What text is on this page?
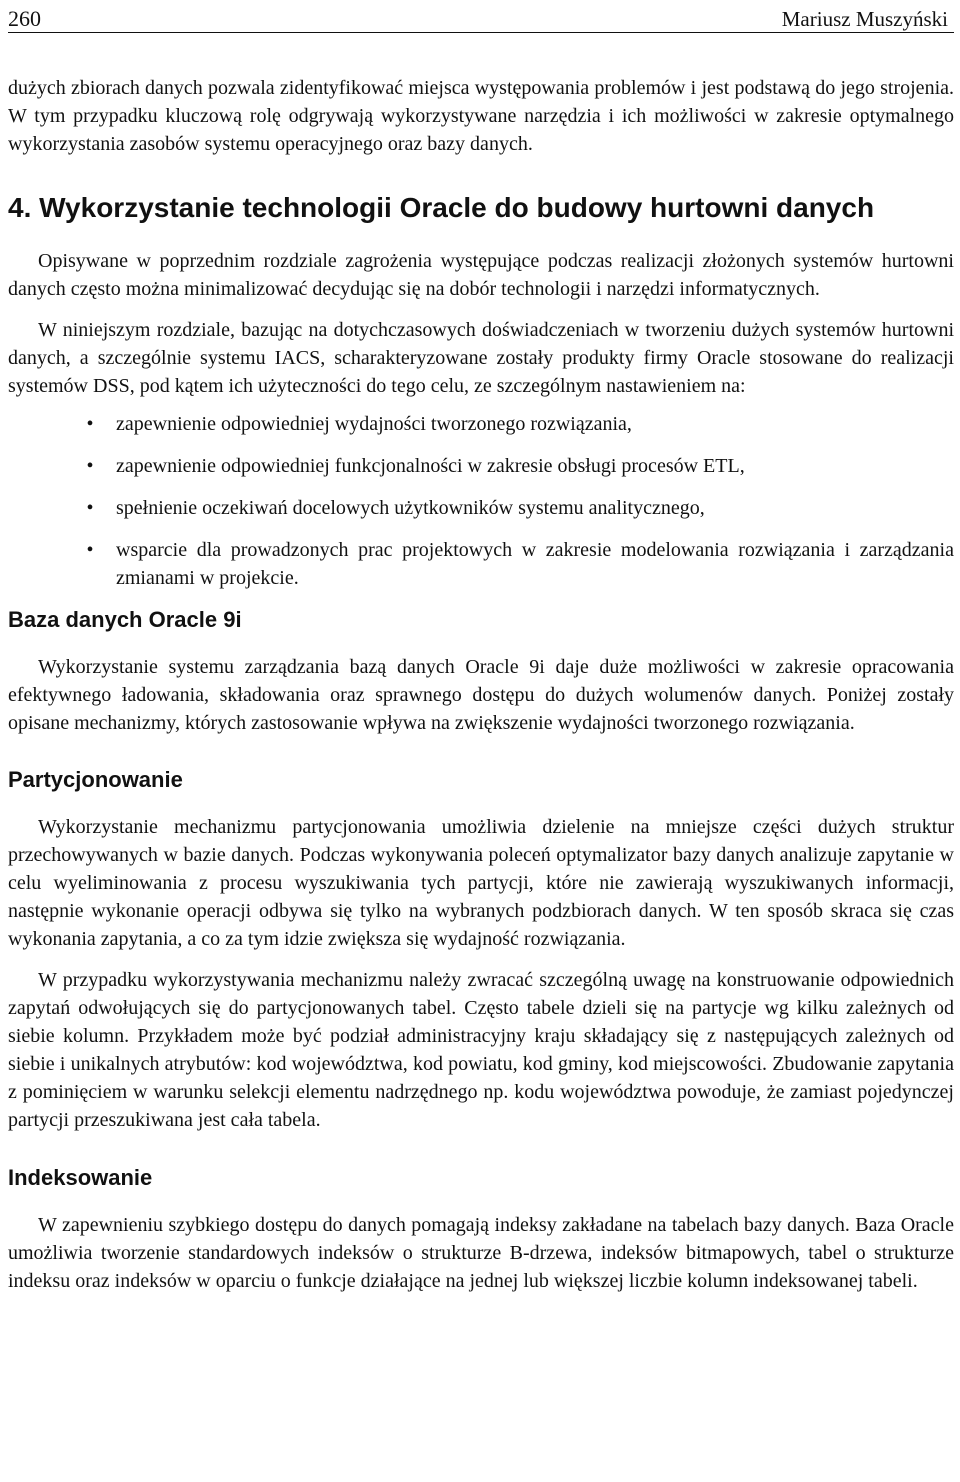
260	Mariusz Muszyński

dużych zbiorach danych pozwala zidentyfikować miejsca występowania problemów i jest podstawą do jego strojenia. W tym przypadku kluczową rolę odgrywają wykorzystywane narzędzia i ich możliwości w zakresie optymalnego wykorzystania zasobów systemu operacyjnego oraz bazy danych.

4. Wykorzystanie technologii Oracle do budowy hurtowni danych

Opisywane w poprzednim rozdziale zagrożenia występujące podczas realizacji złożonych systemów hurtowni danych często można minimalizować decydując się na dobór technologii i narzędzi informatycznych.

W niniejszym rozdziale, bazując na dotychczasowych doświadczeniach w tworzeniu dużych systemów hurtowni danych, a szczególnie systemu IACS, scharakteryzowane zostały produkty firmy Oracle stosowane do realizacji systemów DSS, pod kątem ich użyteczności do tego celu, ze szczególnym nastawieniem na:

•	zapewnienie odpowiedniej wydajności tworzonego rozwiązania,
•	zapewnienie odpowiedniej funkcjonalności w zakresie obsługi procesów ETL,
•	spełnienie oczekiwań docelowych użytkowników systemu analitycznego,
•	wsparcie dla prowadzonych prac projektowych w zakresie modelowania rozwiązania i zarządzania zmianami w projekcie.
Baza danych Oracle 9i

Wykorzystanie systemu zarządzania bazą danych Oracle 9i daje duże możliwości w zakresie opracowania efektywnego ładowania, składowania oraz sprawnego dostępu do dużych wolumenów danych. Poniżej zostały opisane mechanizmy, których zastosowanie wpływa na zwiększenie wydajności tworzonego rozwiązania.

Partycjonowanie

Wykorzystanie mechanizmu partycjonowania umożliwia dzielenie na mniejsze części dużych struktur przechowywanych w bazie danych. Podczas wykonywania poleceń optymalizator bazy danych analizuje zapytanie w celu wyeliminowania z procesu wyszukiwania tych partycji, które nie zawierają wyszukiwanych informacji, następnie wykonanie operacji odbywa się tylko na wybranych podzbiorach danych. W ten sposób skraca się czas wykonania zapytania, a co za tym idzie zwiększa się wydajność rozwiązania.

W przypadku wykorzystywania mechanizmu należy zwracać szczególną uwagę na konstruowanie odpowiednich zapytań odwołujących się do partycjonowanych tabel. Często tabele dzieli się na partycje wg kilku zależnych od siebie kolumn. Przykładem może być podział administracyjny kraju składający się z następujących zależnych od siebie i unikalnych atrybutów: kod województwa, kod powiatu, kod gminy, kod miejscowości. Zbudowanie zapytania z pominięciem w warunku selekcji elementu nadrzędnego np. kodu województwa powoduje, że zamiast pojedynczej partycji przeszukiwana jest cała tabela.

Indeksowanie

W zapewnieniu szybkiego dostępu do danych pomagają indeksy zakładane na tabelach bazy danych. Baza Oracle umożliwia tworzenie standardowych indeksów o strukturze B-drzewa, indeksów bitmapowych, tabel o strukturze indeksu oraz indeksów w oparciu o funkcje działające na jednej lub większej liczbie kolumn indeksowanej tabeli.
